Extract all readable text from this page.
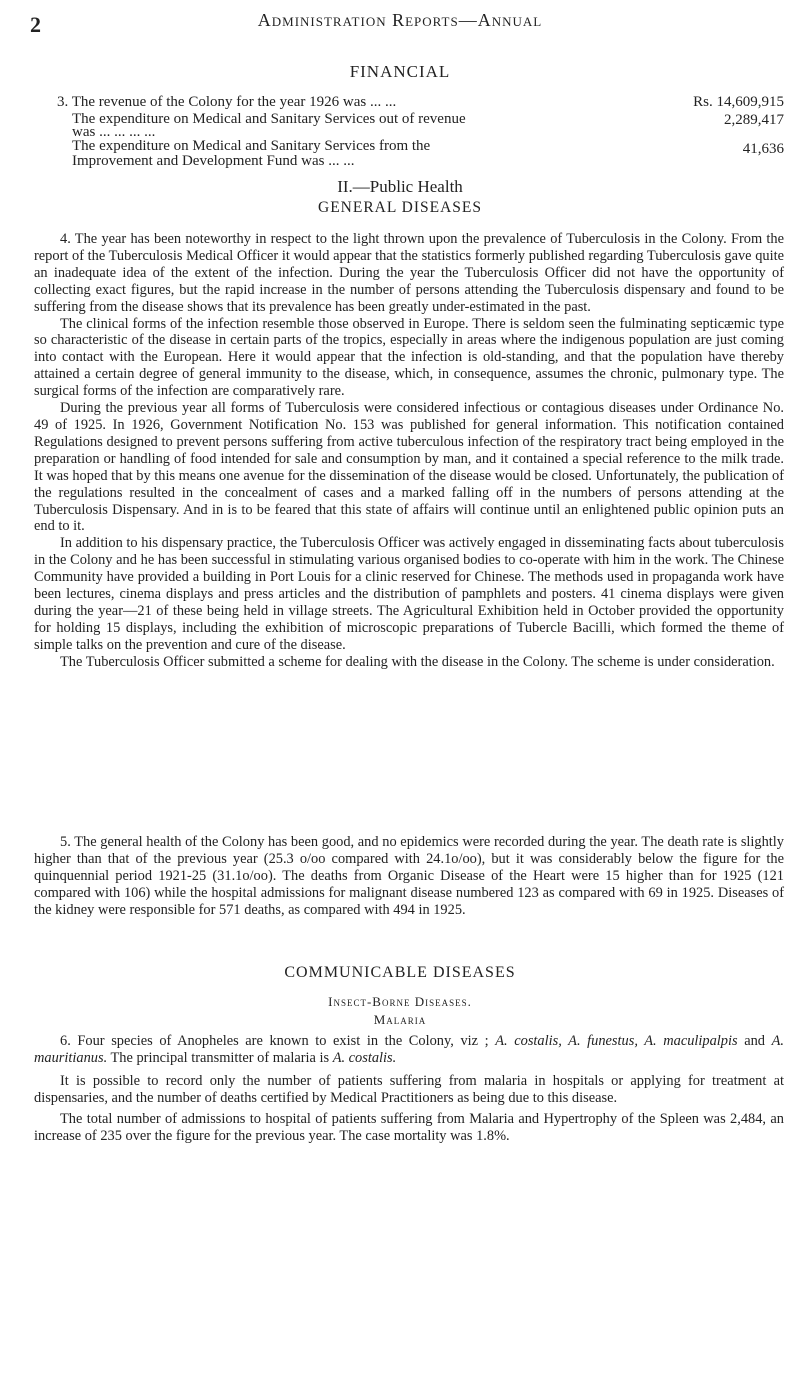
2	Administration Reports—Annual
FINANCIAL
3. The revenue of the Colony for the year 1926 was ... ...	Rs. 14,609,915
The expenditure on Medical and Sanitary Services out of revenue
was ... ... ... ...
2,289,417
The expenditure on Medical and Sanitary Services from the
Improvement and Development Fund was ... ...
41,636
II.—Public Health
GENERAL DISEASES

4. The year has been noteworthy in respect to the light thrown upon the prevalence of Tuberculosis in the Colony. From the report of the Tuberculosis Medical Officer it would appear that the statistics formerly published regarding Tuberculosis gave quite an inadequate idea of the extent of the infection. During the year the Tuberculosis Officer did not have the opportunity of collecting exact figures, but the rapid increase in the number of persons attending the Tuberculosis dispensary and found to be suffering from the disease shows that its prevalence has been greatly under-estimated in the past.

The clinical forms of the infection resemble those observed in Europe. There is seldom seen the fulminating septicæmic type so characteristic of the disease in certain parts of the tropics, especially in areas where the indigenous population are just coming into contact with the European. Here it would appear that the infection is old-standing, and that the population have thereby attained a certain degree of general immunity to the disease, which, in consequence, assumes the chronic, pulmonary type. The surgical forms of the infection are comparatively rare.

During the previous year all forms of Tuberculosis were considered infectious or contagious diseases under Ordinance No. 49 of 1925. In 1926, Government Notification No. 153 was published for general information. This notification contained Regulations designed to prevent persons suffering from active tuberculous infection of the respiratory tract being employed in the preparation or handling of food intended for sale and consumption by man, and it contained a special reference to the milk trade. It was hoped that by this means one avenue for the dissemination of the disease would be closed. Unfortunately, the publication of the regulations resulted in the concealment of cases and a marked falling off in the numbers of persons attending at the Tuberculosis Dispensary. And in is to be feared that this state of affairs will continue until an enlightened public opinion puts an end to it.

In addition to his dispensary practice, the Tuberculosis Officer was actively engaged in disseminating facts about tuberculosis in the Colony and he has been successful in stimulating various organised bodies to co-operate with him in the work. The Chinese Community have provided a building in Port Louis for a clinic reserved for Chinese. The methods used in propaganda work have been lectures, cinema displays and press articles and the distribution of pamphlets and posters. 41 cinema displays were given during the year—21 of these being held in village streets. The Agricultural Exhibition held in October provided the opportunity for holding 15 displays, including the exhibition of microscopic preparations of Tubercle Bacilli, which formed the theme of simple talks on the prevention and cure of the disease.

The Tuberculosis Officer submitted a scheme for dealing with the disease in the Colony. The scheme is under consideration.

5. The general health of the Colony has been good, and no epidemics were recorded during the year. The death rate is slightly higher than that of the previous year (25.3 o/oo compared with 24.1o/oo), but it was considerably below the figure for the quinquennial period 1921-25 (31.1o/oo). The deaths from Organic Disease of the Heart were 15 higher than for 1925 (121 compared with 106) while the hospital admissions for malignant disease numbered 123 as compared with 69 in 1925. Diseases of the kidney were responsible for 571 deaths, as compared with 494 in 1925.

COMMUNICABLE DISEASES
Insect-Borne Diseases.
Malaria

6. Four species of Anopheles are known to exist in the Colony, viz ; A. costalis, A. funestus, A. maculipalpis and A. mauritianus. The principal transmitter of malaria is A. costalis.

It is possible to record only the number of patients suffering from malaria in hospitals or applying for treatment at dispensaries, and the number of deaths certified by Medical Practitioners as being due to this disease.

The total number of admissions to hospital of patients suffering from Malaria and Hypertrophy of the Spleen was 2,484, an increase of 235 over the figure for the previous year. The case mortality was 1.8%.
